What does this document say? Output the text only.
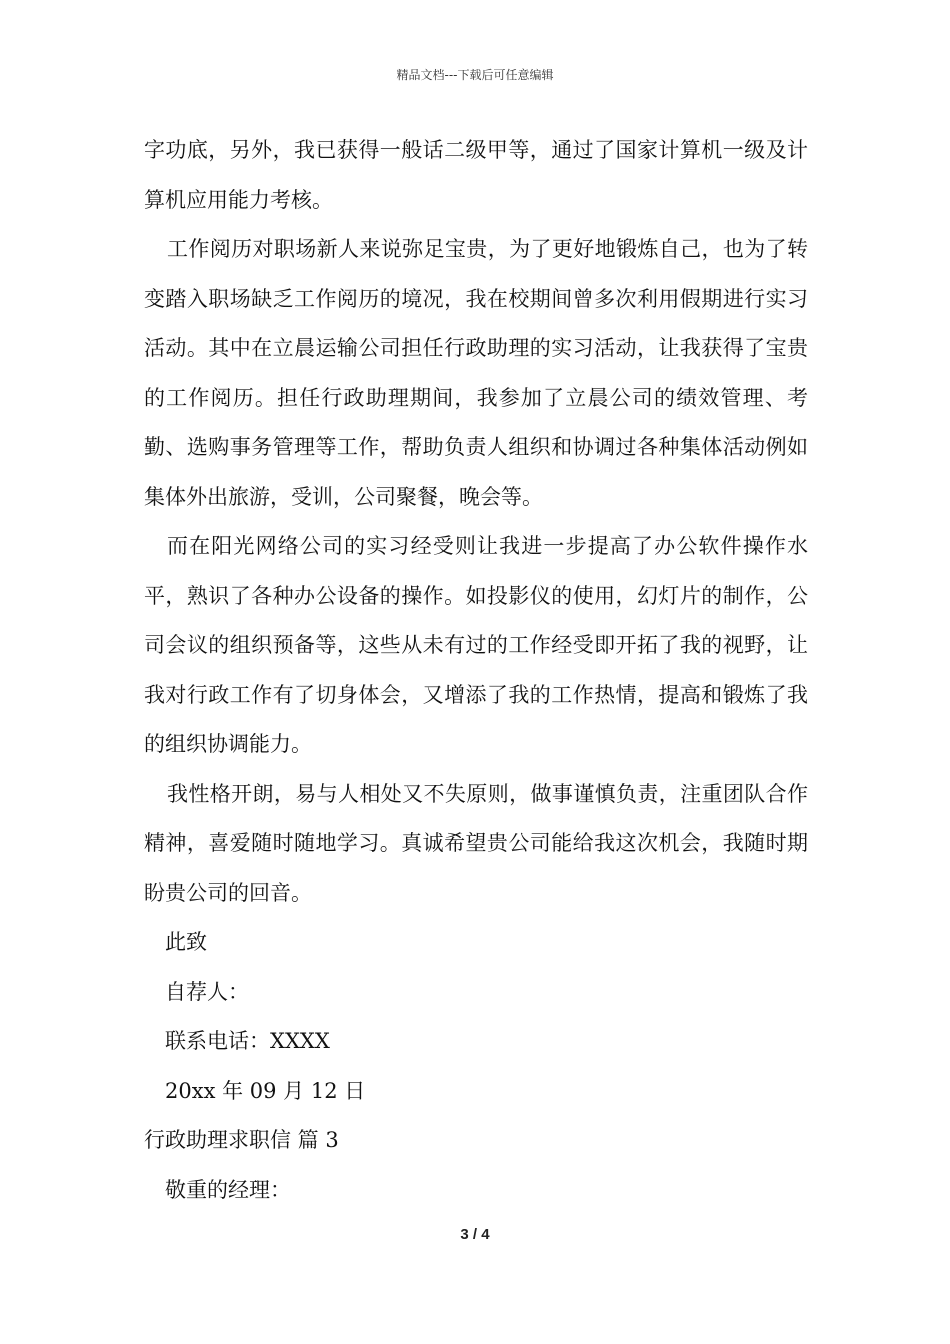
精品文档---下载后可任意编辑

字功底，另外，我已获得一般话二级甲等，通过了国家计算机一级及计算机应用能力考核。

工作阅历对职场新人来说弥足宝贵，为了更好地锻炼自己，也为了转变踏入职场缺乏工作阅历的境况，我在校期间曾多次利用假期进行实习活动。其中在立晨运输公司担任行政助理的实习活动，让我获得了宝贵的工作阅历。担任行政助理期间，我参加了立晨公司的绩效管理、考勤、选购事务管理等工作，帮助负责人组织和协调过各种集体活动例如集体外出旅游，受训，公司聚餐，晚会等。

而在阳光网络公司的实习经受则让我进一步提高了办公软件操作水平，熟识了各种办公设备的操作。如投影仪的使用，幻灯片的制作，公司会议的组织预备等，这些从未有过的工作经受即开拓了我的视野，让我对行政工作有了切身体会，又增添了我的工作热情，提高和锻炼了我的组织协调能力。

我性格开朗，易与人相处又不失原则，做事谨慎负责，注重团队合作精神，喜爱随时随地学习。真诚希望贵公司能给我这次机会，我随时期盼贵公司的回音。

此致

自荐人：

联系电话：XXXX

20xx 年 09 月 12 日

行政助理求职信 篇 3

敬重的经理：

3 / 4
